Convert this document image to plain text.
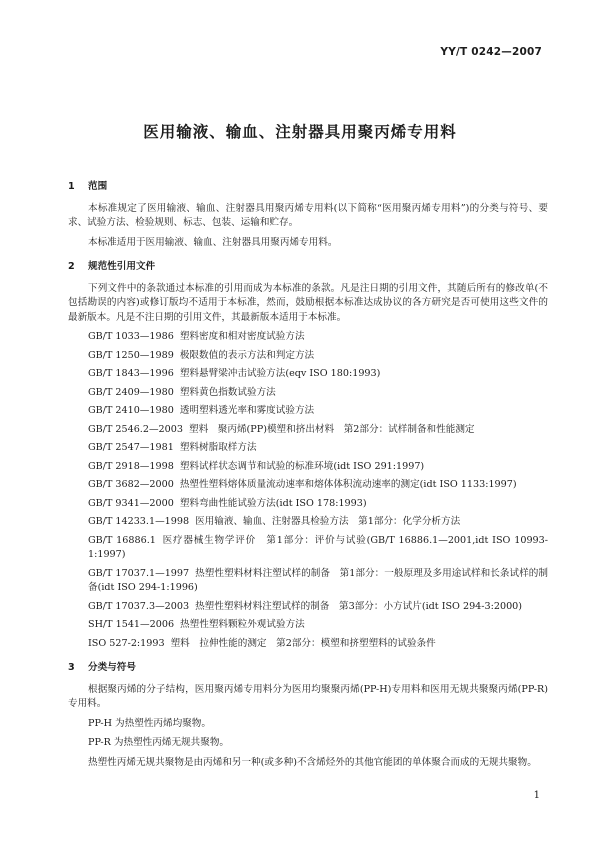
YY/T 0242—2007
医用输液、输血、注射器具用聚丙烯专用料
1 范围
本标准规定了医用输液、输血、注射器具用聚丙烯专用料(以下简称“医用聚丙烯专用料”)的分类与符号、要求、试验方法、检验规则、标志、包装、运输和贮存。
本标准适用于医用输液、输血、注射器具用聚丙烯专用料。
2 规范性引用文件
下列文件中的条款通过本标准的引用而成为本标准的条款。凡是注日期的引用文件，其随后所有的修改单(不包括勘误的内容)或修订版均不适用于本标准，然而，鼓励根据本标准达成协议的各方研究是否可使用这些文件的最新版本。凡是不注日期的引用文件，其最新版本适用于本标准。
GB/T 1033—1986 塑料密度和相对密度试验方法
GB/T 1250—1989 极限数值的表示方法和判定方法
GB/T 1843—1996 塑料悬臂梁冲击试验方法(eqv ISO 180:1993)
GB/T 2409—1980 塑料黄色指数试验方法
GB/T 2410—1980 透明塑料透光率和雾度试验方法
GB/T 2546.2—2003 塑料　聚丙烯(PP)模塑和挤出材料　第2部分：试样制备和性能测定
GB/T 2547—1981 塑料树脂取样方法
GB/T 2918—1998 塑料试样状态调节和试验的标准环境(idt ISO 291:1997)
GB/T 3682—2000 热塑性塑料熔体质量流动速率和熔体体积流动速率的测定(idt ISO 1133:1997)
GB/T 9341—2000 塑料弯曲性能试验方法(idt ISO 178:1993)
GB/T 14233.1—1998 医用输液、输血、注射器具检验方法　第1部分：化学分析方法
GB/T 16886.1 医疗器械生物学评价　第1部分：评价与试验(GB/T 16886.1—2001,idt ISO 10993-1:1997)
GB/T 17037.1—1997 热塑性塑料材料注塑试样的制备　第1部分：一般原理及多用途试样和长条试样的制备(idt ISO 294-1:1996)
GB/T 17037.3—2003 热塑性塑料材料注塑试样的制备　第3部分：小方试片(idt ISO 294-3:2000)
SH/T 1541—2006 热塑性塑料颗粒外观试验方法
ISO 527-2:1993 塑料　拉伸性能的测定　第2部分：模塑和挤塑塑料的试验条件
3 分类与符号
根据聚丙烯的分子结构，医用聚丙烯专用料分为医用均聚聚丙烯(PP-H)专用料和医用无规共聚聚丙烯(PP-R)专用料。
PP-H 为热塑性丙烯均聚物。
PP-R 为热塑性丙烯无规共聚物。
热塑性丙烯无规共聚物是由丙烯和另一种(或多种)不含烯烃外的其他官能团的单体聚合而成的无规共聚物。
1
